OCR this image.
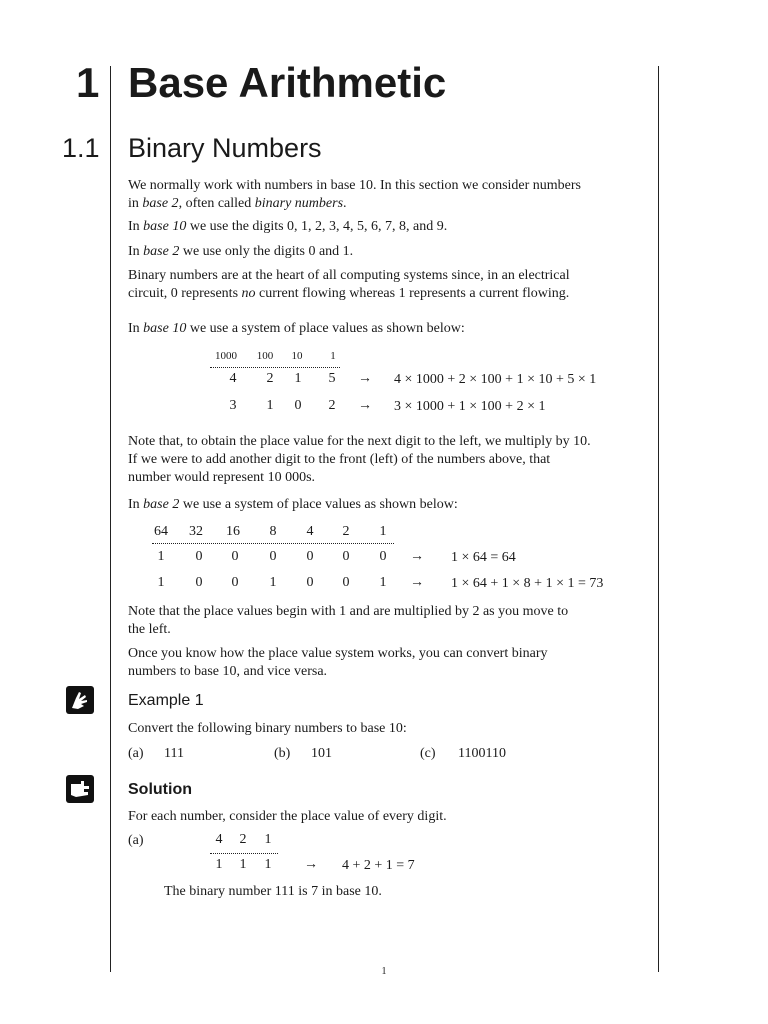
1 Base Arithmetic
1.1 Binary Numbers
We normally work with numbers in base 10. In this section we consider numbers
in base 2, often called binary numbers.
In base 10 we use the digits 0, 1, 2, 3, 4, 5, 6, 7, 8, and 9.
In base 2 we use only the digits 0 and 1.
Binary numbers are at the heart of all computing systems since, in an electrical
circuit, 0 represents no current flowing whereas 1 represents a current flowing.
In base 10 we use a system of place values as shown below:
1000	100	10	1
4	2	1	5	→	4 × 1000 + 2 × 100 + 1 × 10 + 5 × 1
3	1	0	2	→	3 × 1000 + 1 × 100 + 2 × 1
Note that, to obtain the place value for the next digit to the left, we multiply by 10.
If we were to add another digit to the front (left) of the numbers above, that
number would represent 10 000s.
In base 2 we use a system of place values as shown below:
64	32	16	8	4	2	1
1	0	0	0	0	0	0	→	1 × 64 = 64
1	0	0	1	0	0	1	→	1 × 64 + 1 × 8 + 1 × 1 = 73
Note that the place values begin with 1 and are multiplied by 2 as you move to
the left.
Once you know how the place value system works, you can convert binary
numbers to base 10, and vice versa.
Example 1
Convert the following binary numbers to base 10:
(a) 111	(b) 101	(c) 1100110
Solution
For each number, consider the place value of every digit.
(a)	4	2	1
1	1	1	→	4 + 2 + 1 = 7
The binary number 111 is 7 in base 10.
1
